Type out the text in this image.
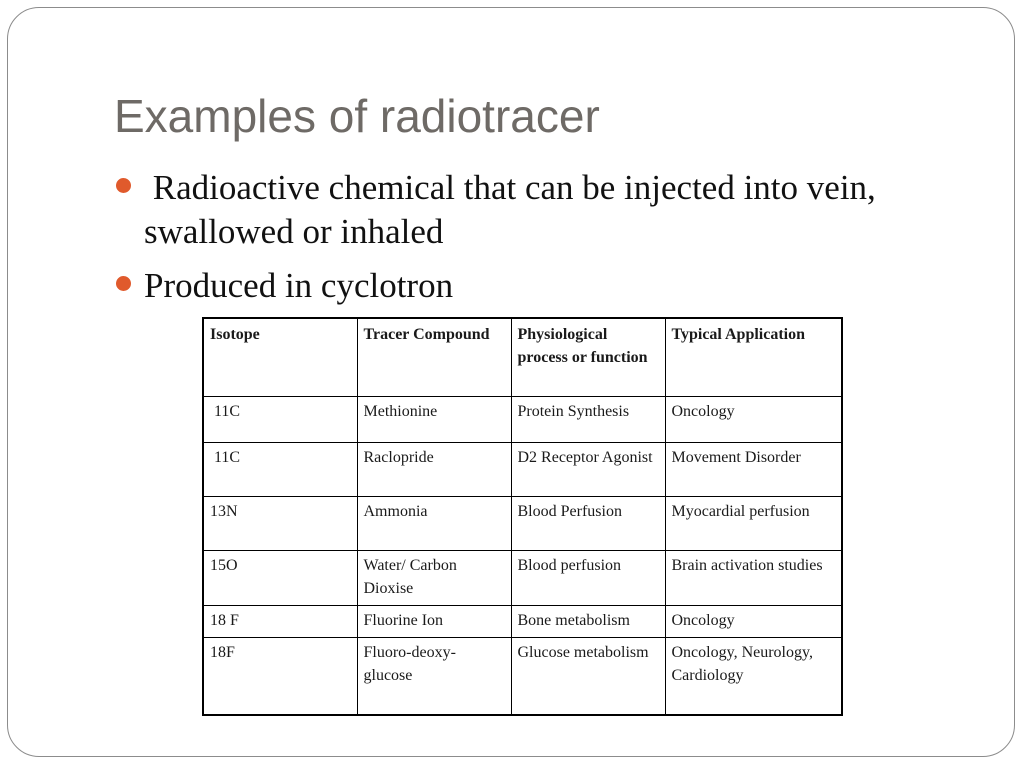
Examples of radiotracer
Radioactive chemical that can be injected into vein, swallowed or inhaled
Produced in cyclotron
Isotope	Tracer Compound	Physiological process or function	Typical Application
11C	Methionine	Protein Synthesis	Oncology
11C	Raclopride	D2 Receptor Agonist	Movement Disorder
13N	Ammonia	Blood Perfusion	Myocardial perfusion
15O	Water/ Carbon Dioxise	Blood perfusion	Brain activation studies
18 F	Fluorine Ion	Bone metabolism	Oncology
18F	Fluoro-deoxy-glucose	Glucose metabolism	Oncology, Neurology, Cardiology
